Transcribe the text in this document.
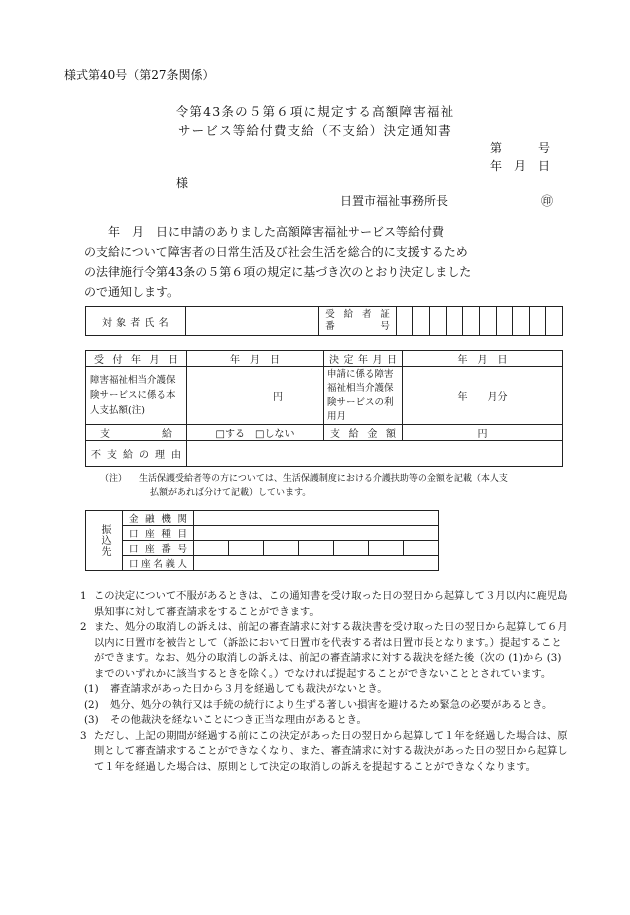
様式第40号（第27条関係）
令第43条の５第６項に規定する高額障害福祉
サービス等給付費支給（不支給）決定通知書
第　　　号
年　月　日
様
日置市福祉事務所長	㊞

　　年　月　日に申請のありました高額障害福祉サービス等給付費

の支給について障害者の日常生活及び社会生活を総合的に支援するため

の法律施行令第43条の５第６項の規定に基づき次のとおり決定しました

ので通知します。

対象者氏名

受給者証
番号

受付年月日	年　月　日	決定年月日	年　月　日
障害福祉相当介護保険サービスに係る本人支払額(注)	円	申請に係る障害福祉相当介護保険サービスの利用月	年　　月分

支給	□する　□しない	支給金額	円

不支給の理由			

（注） 生活保護受給者等の方については、生活保護制度における介護扶助等の金額を記載（本人支
払額があれば分けて記載）しています。
振込先	金融機関							

	口座種目							

	口座番号							

	口座名義人							

1 この決定について不服があるときは、この通知書を受け取った日の翌日から起算して３月以内に鹿児島県知事に対して審査請求をすることができます。
2 また、処分の取消しの訴えは、前記の審査請求に対する裁決書を受け取った日の翌日から起算して６月以内に日置市を被告として（訴訟において日置市を代表する者は日置市長となります。）提起することができます。なお、処分の取消しの訴えは、前記の審査請求に対する裁決を経た後（次の (1)から (3)までのいずれかに該当するときを除く。）でなければ提起することができないこととされています。
(1)	審査請求があった日から３月を経過しても裁決がないとき。
(2)	処分、処分の執行又は手続の続行により生ずる著しい損害を避けるため緊急の必要があるとき。
(3)	その他裁決を経ないことにつき正当な理由があるとき。
3 ただし、上記の期間が経過する前にこの決定があった日の翌日から起算して１年を経過した場合は、原則として審査請求することができなくなり、また、審査請求に対する裁決があった日の翌日から起算して１年を経過した場合は、原則として決定の取消しの訴えを提起することができなくなります。
